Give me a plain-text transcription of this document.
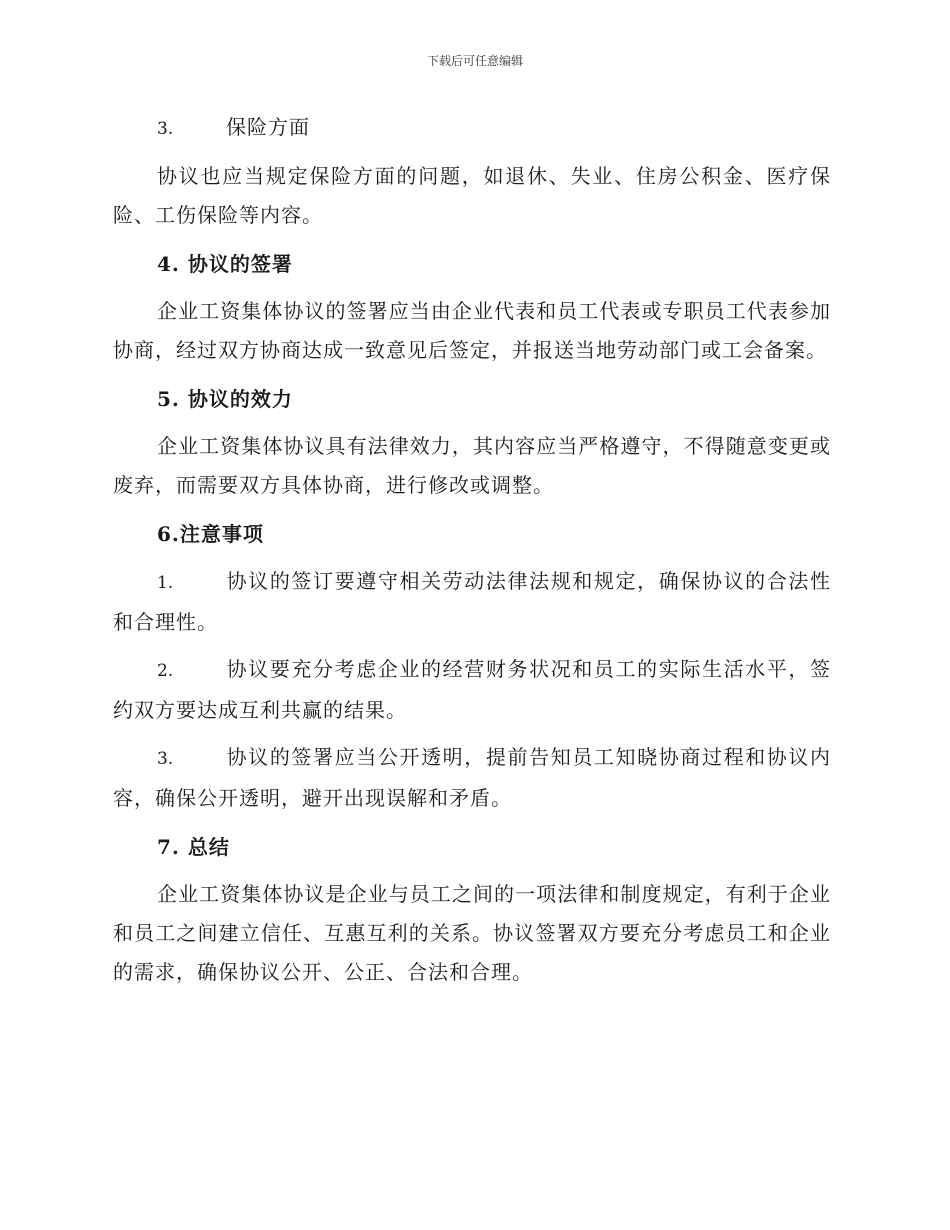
下载后可任意编辑

3.	保险方面

协议也应当规定保险方面的问题，如退休、失业、住房公积金、医疗保险、工伤保险等内容。

4. 协议的签署

企业工资集体协议的签署应当由企业代表和员工代表或专职员工代表参加协商，经过双方协商达成一致意见后签定，并报送当地劳动部门或工会备案。

5. 协议的效力

企业工资集体协议具有法律效力，其内容应当严格遵守，不得随意变更或废弃，而需要双方具体协商，进行修改或调整。

6.注意事项

1.	协议的签订要遵守相关劳动法律法规和规定，确保协议的合法性和合理性。

2.	协议要充分考虑企业的经营财务状况和员工的实际生活水平，签约双方要达成互利共赢的结果。

3.	协议的签署应当公开透明，提前告知员工知晓协商过程和协议内容，确保公开透明，避开出现误解和矛盾。

7. 总结

企业工资集体协议是企业与员工之间的一项法律和制度规定，有利于企业和员工之间建立信任、互惠互利的关系。协议签署双方要充分考虑员工和企业的需求，确保协议公开、公正、合法和合理。
